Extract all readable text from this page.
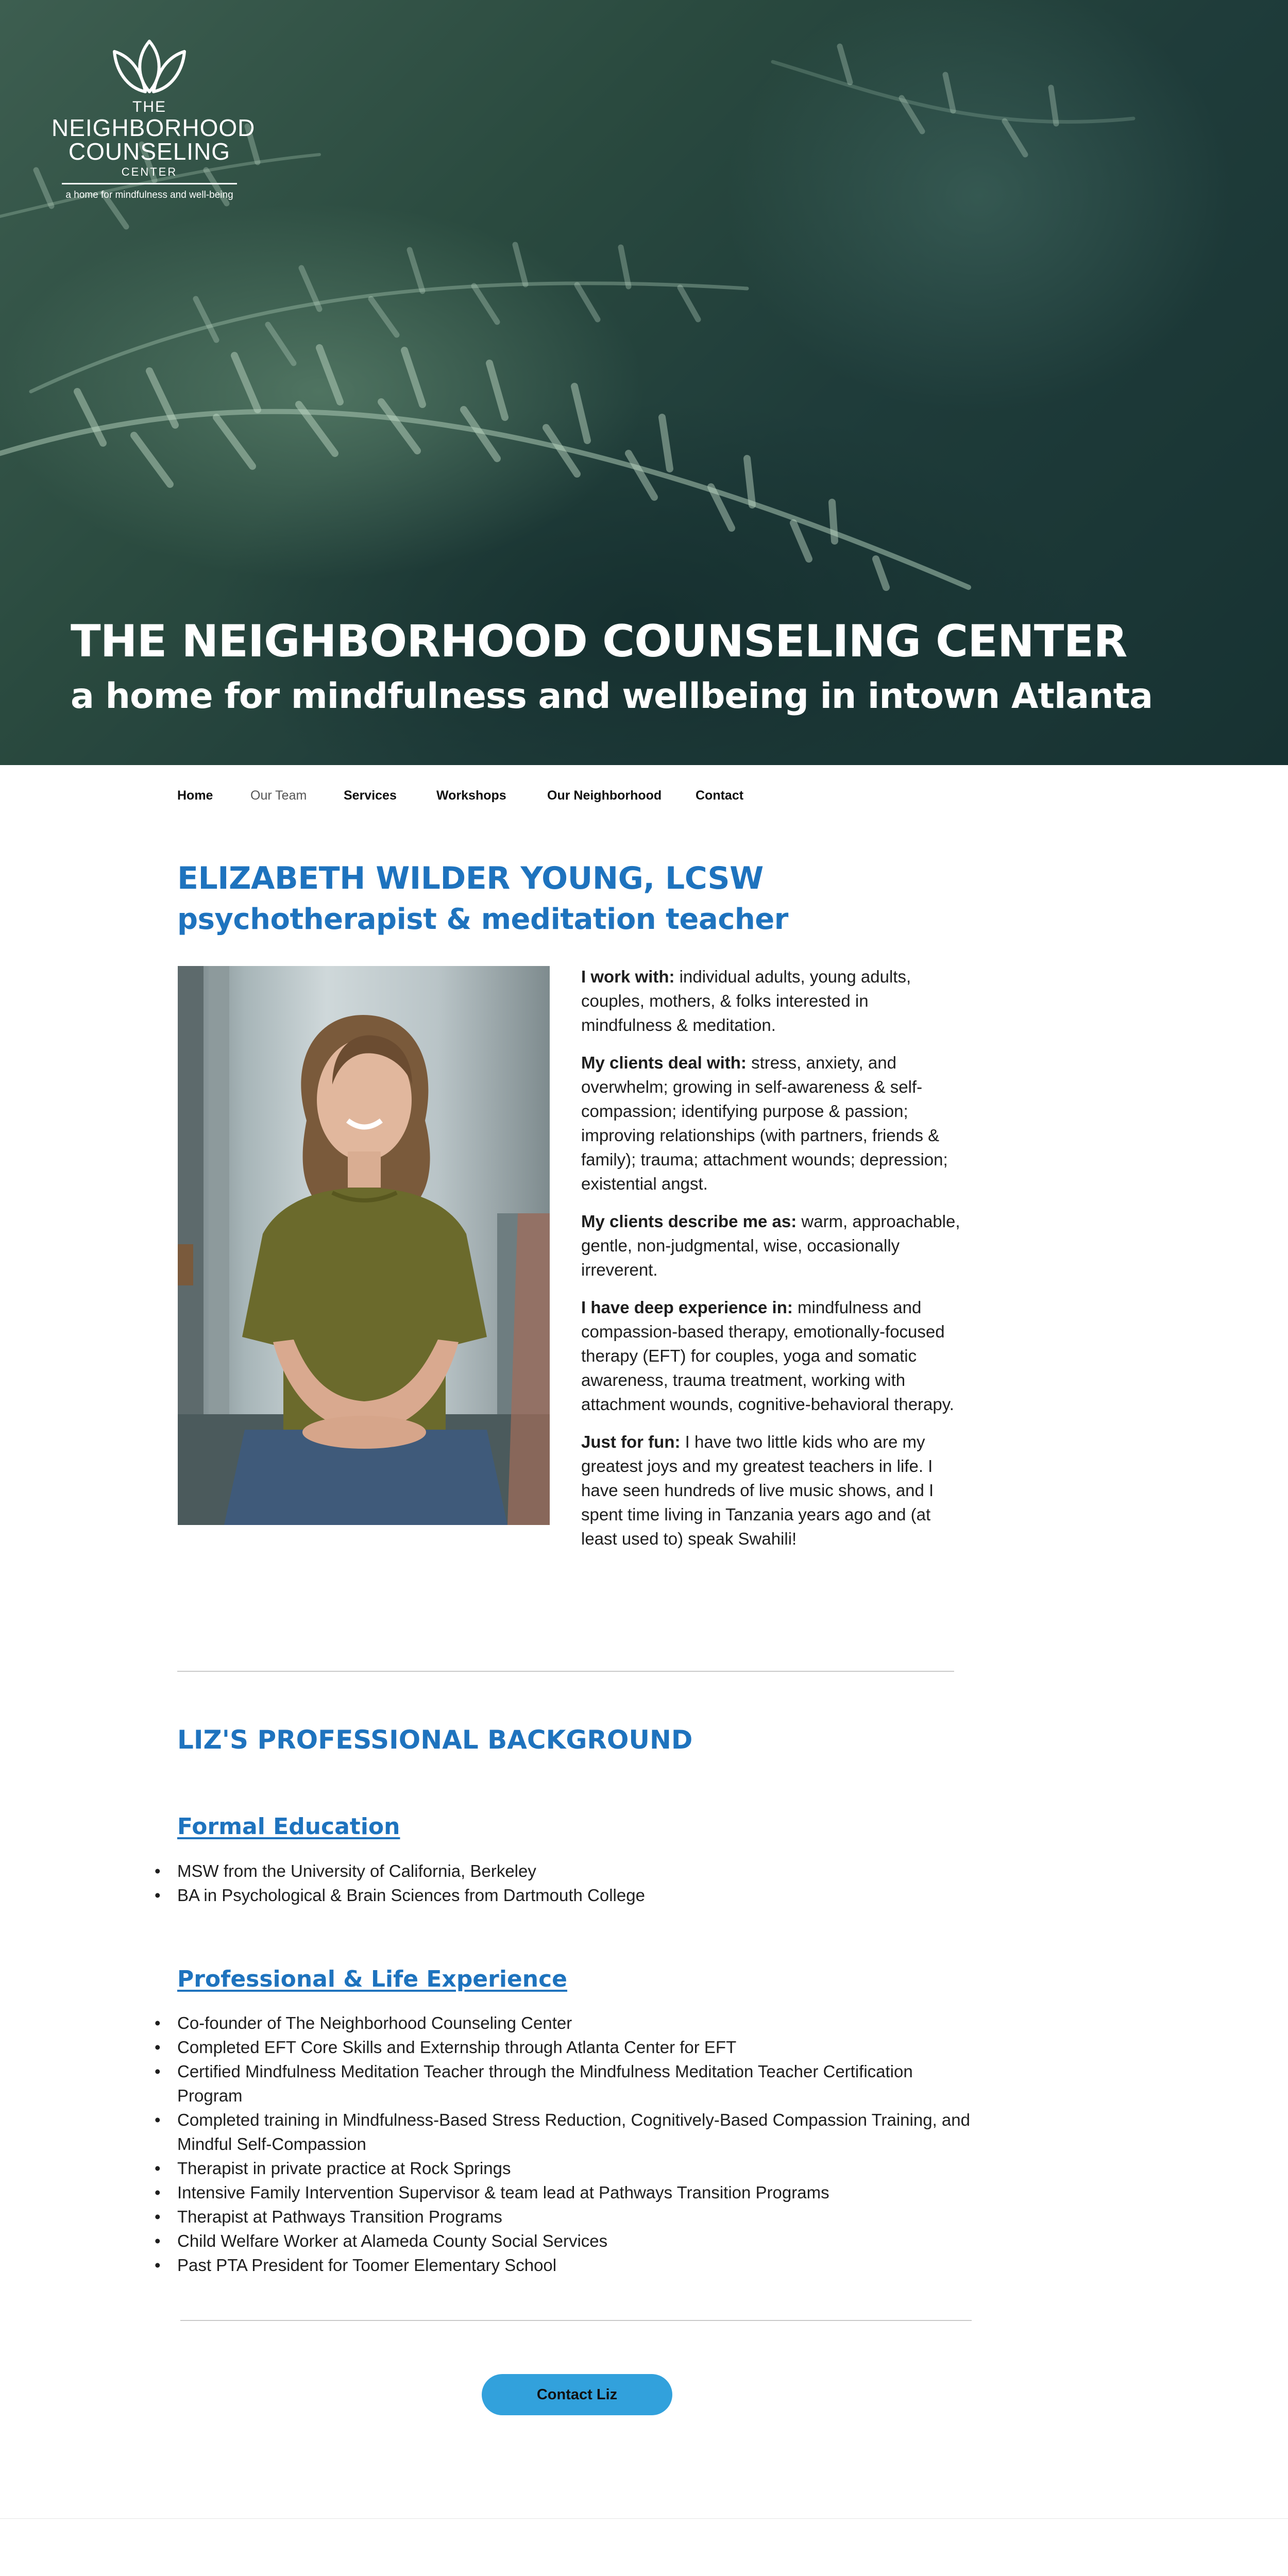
THE
NEIGHBORHOOD
COUNSELING
CENTER
a home for mindfulness and well-being
THE NEIGHBORHOOD COUNSELING CENTER
a home for mindfulness and wellbeing in intown Atlanta
Home	Our Team	Services	Workshops	Our Neighborhood	Contact
ELIZABETH WILDER YOUNG, LCSW
psychotherapist & meditation teacher

I work with: individual adults, young adults, couples, mothers, & folks interested in mindfulness & meditation.

My clients deal with: stress, anxiety, and overwhelm; growing in self-awareness & self-compassion; identifying purpose & passion; improving relationships (with partners, friends & family); trauma; attachment wounds; depression; existential angst.

My clients describe me as: warm, approachable, gentle, non-judgmental, wise, occasionally irreverent.

I have deep experience in: mindfulness and compassion-based therapy, emotionally-focused therapy (EFT) for couples, yoga and somatic awareness, trauma treatment, working with attachment wounds, cognitive-behavioral therapy.

Just for fun: I have two little kids who are my greatest joys and my greatest teachers in life. I have seen hundreds of live music shows, and I spent time living in Tanzania years ago and (at least used to) speak Swahili!

LIZ'S PROFESSIONAL BACKGROUND
Formal Education
• MSW from the University of California, Berkeley
• BA in Psychological & Brain Sciences from Dartmouth College
Professional & Life Experience
• Co-founder of The Neighborhood Counseling Center
• Completed EFT Core Skills and Externship through Atlanta Center for EFT
• Certified Mindfulness Meditation Teacher through the Mindfulness Meditation Teacher Certification Program
• Completed training in Mindfulness-Based Stress Reduction, Cognitively-Based Compassion Training, and Mindful Self-Compassion
• Therapist in private practice at Rock Springs
• Intensive Family Intervention Supervisor & team lead at Pathways Transition Programs
• Therapist at Pathways Transition Programs
• Child Welfare Worker at Alameda County Social Services
• Past PTA President for Toomer Elementary School
Contact Liz
